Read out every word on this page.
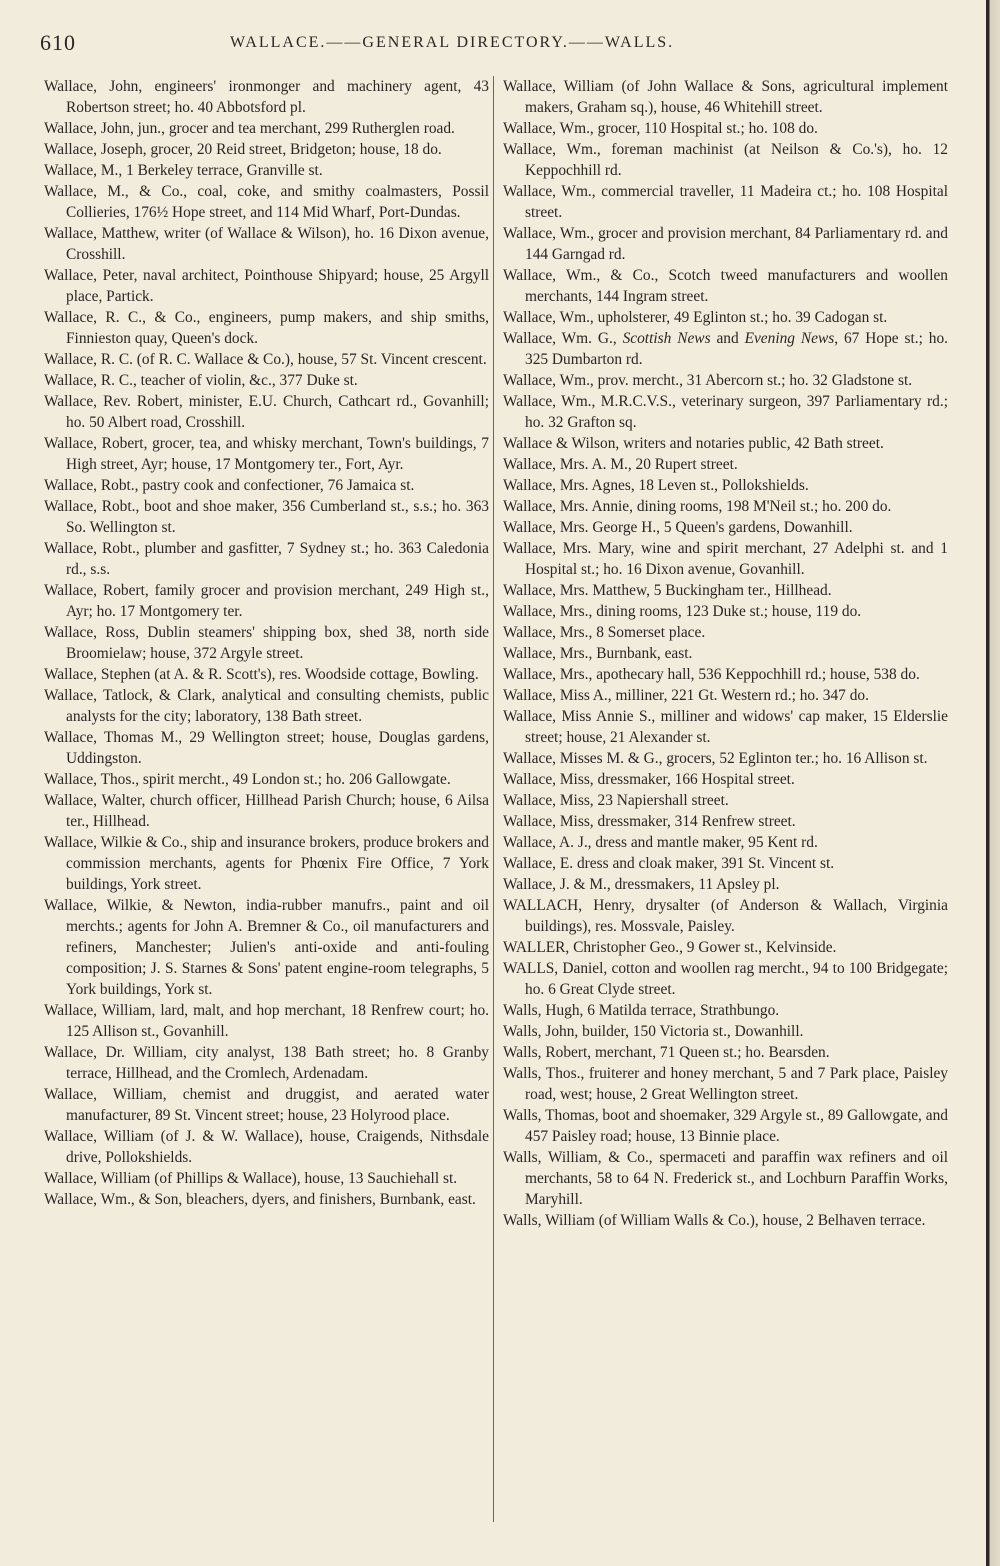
610	WALLACE.——GENERAL DIRECTORY.——WALLS.

Wallace, John, engineers' ironmonger and machinery agent, 43 Robertson street; ho. 40 Abbotsford pl.

Wallace, John, jun., grocer and tea merchant, 299 Rutherglen road.

Wallace, Joseph, grocer, 20 Reid street, Bridgeton; house, 18 do.

Wallace, M., 1 Berkeley terrace, Granville st.

Wallace, M., & Co., coal, coke, and smithy coalmasters, Possil Collieries, 176½ Hope street, and 114 Mid Wharf, Port-Dundas.

Wallace, Matthew, writer (of Wallace & Wilson), ho. 16 Dixon avenue, Crosshill.

Wallace, Peter, naval architect, Pointhouse Shipyard; house, 25 Argyll place, Partick.

Wallace, R. C., & Co., engineers, pump makers, and ship smiths, Finnieston quay, Queen's dock.

Wallace, R. C. (of R. C. Wallace & Co.), house, 57 St. Vincent crescent.

Wallace, R. C., teacher of violin, &c., 377 Duke st.

Wallace, Rev. Robert, minister, E.U. Church, Cathcart rd., Govanhill; ho. 50 Albert road, Crosshill.

Wallace, Robert, grocer, tea, and whisky merchant, Town's buildings, 7 High street, Ayr; house, 17 Montgomery ter., Fort, Ayr.

Wallace, Robt., pastry cook and confectioner, 76 Jamaica st.

Wallace, Robt., boot and shoe maker, 356 Cumberland st., s.s.; ho. 363 So. Wellington st.

Wallace, Robt., plumber and gasfitter, 7 Sydney st.; ho. 363 Caledonia rd., s.s.

Wallace, Robert, family grocer and provision merchant, 249 High st., Ayr; ho. 17 Montgomery ter.

Wallace, Ross, Dublin steamers' shipping box, shed 38, north side Broomielaw; house, 372 Argyle street.

Wallace, Stephen (at A. & R. Scott's), res. Woodside cottage, Bowling.

Wallace, Tatlock, & Clark, analytical and consulting chemists, public analysts for the city; laboratory, 138 Bath street.

Wallace, Thomas M., 29 Wellington street; house, Douglas gardens, Uddingston.

Wallace, Thos., spirit mercht., 49 London st.; ho. 206 Gallowgate.

Wallace, Walter, church officer, Hillhead Parish Church; house, 6 Ailsa ter., Hillhead.

Wallace, Wilkie & Co., ship and insurance brokers, produce brokers and commission merchants, agents for Phœnix Fire Office, 7 York buildings, York street.

Wallace, Wilkie, & Newton, india-rubber manufrs., paint and oil merchts.; agents for John A. Bremner & Co., oil manufacturers and refiners, Manchester; Julien's anti-oxide and anti-fouling composition; J. S. Starnes & Sons' patent engine-room telegraphs, 5 York buildings, York st.

Wallace, William, lard, malt, and hop merchant, 18 Renfrew court; ho. 125 Allison st., Govanhill.

Wallace, Dr. William, city analyst, 138 Bath street; ho. 8 Granby terrace, Hillhead, and the Cromlech, Ardenadam.

Wallace, William, chemist and druggist, and aerated water manufacturer, 89 St. Vincent street; house, 23 Holyrood place.

Wallace, William (of J. & W. Wallace), house, Craigends, Nithsdale drive, Pollokshields.

Wallace, William (of Phillips & Wallace), house, 13 Sauchiehall st.

Wallace, Wm., & Son, bleachers, dyers, and finishers, Burnbank, east.

Wallace, William (of John Wallace & Sons, agricultural implement makers, Graham sq.), house, 46 Whitehill street.

Wallace, Wm., grocer, 110 Hospital st.; ho. 108 do.

Wallace, Wm., foreman machinist (at Neilson & Co.'s), ho. 12 Keppochhill rd.

Wallace, Wm., commercial traveller, 11 Madeira ct.; ho. 108 Hospital street.

Wallace, Wm., grocer and provision merchant, 84 Parliamentary rd. and 144 Garngad rd.

Wallace, Wm., & Co., Scotch tweed manufacturers and woollen merchants, 144 Ingram street.

Wallace, Wm., upholsterer, 49 Eglinton st.; ho. 39 Cadogan st.

Wallace, Wm. G., Scottish News and Evening News, 67 Hope st.; ho. 325 Dumbarton rd.

Wallace, Wm., prov. mercht., 31 Abercorn st.; ho. 32 Gladstone st.

Wallace, Wm., M.R.C.V.S., veterinary surgeon, 397 Parliamentary rd.; ho. 32 Grafton sq.

Wallace & Wilson, writers and notaries public, 42 Bath street.

Wallace, Mrs. A. M., 20 Rupert street.

Wallace, Mrs. Agnes, 18 Leven st., Pollokshields.

Wallace, Mrs. Annie, dining rooms, 198 M'Neil st.; ho. 200 do.

Wallace, Mrs. George H., 5 Queen's gardens, Dowanhill.

Wallace, Mrs. Mary, wine and spirit merchant, 27 Adelphi st. and 1 Hospital st.; ho. 16 Dixon avenue, Govanhill.

Wallace, Mrs. Matthew, 5 Buckingham ter., Hillhead.

Wallace, Mrs., dining rooms, 123 Duke st.; house, 119 do.

Wallace, Mrs., 8 Somerset place.

Wallace, Mrs., Burnbank, east.

Wallace, Mrs., apothecary hall, 536 Keppochhill rd.; house, 538 do.

Wallace, Miss A., milliner, 221 Gt. Western rd.; ho. 347 do.

Wallace, Miss Annie S., milliner and widows' cap maker, 15 Elderslie street; house, 21 Alexander st.

Wallace, Misses M. & G., grocers, 52 Eglinton ter.; ho. 16 Allison st.

Wallace, Miss, dressmaker, 166 Hospital street.

Wallace, Miss, 23 Napiershall street.

Wallace, Miss, dressmaker, 314 Renfrew street.

Wallace, A. J., dress and mantle maker, 95 Kent rd.

Wallace, E. dress and cloak maker, 391 St. Vincent st.

Wallace, J. & M., dressmakers, 11 Apsley pl.

WALLACH, Henry, drysalter (of Anderson & Wallach, Virginia buildings), res. Mossvale, Paisley.

WALLER, Christopher Geo., 9 Gower st., Kelvinside.

WALLS, Daniel, cotton and woollen rag mercht., 94 to 100 Bridgegate; ho. 6 Great Clyde street.

Walls, Hugh, 6 Matilda terrace, Strathbungo.

Walls, John, builder, 150 Victoria st., Dowanhill.

Walls, Robert, merchant, 71 Queen st.; ho. Bearsden.

Walls, Thos., fruiterer and honey merchant, 5 and 7 Park place, Paisley road, west; house, 2 Great Wellington street.

Walls, Thomas, boot and shoemaker, 329 Argyle st., 89 Gallowgate, and 457 Paisley road; house, 13 Binnie place.

Walls, William, & Co., spermaceti and paraffin wax refiners and oil merchants, 58 to 64 N. Frederick st., and Lochburn Paraffin Works, Maryhill.

Walls, William (of William Walls & Co.), house, 2 Belhaven terrace.
